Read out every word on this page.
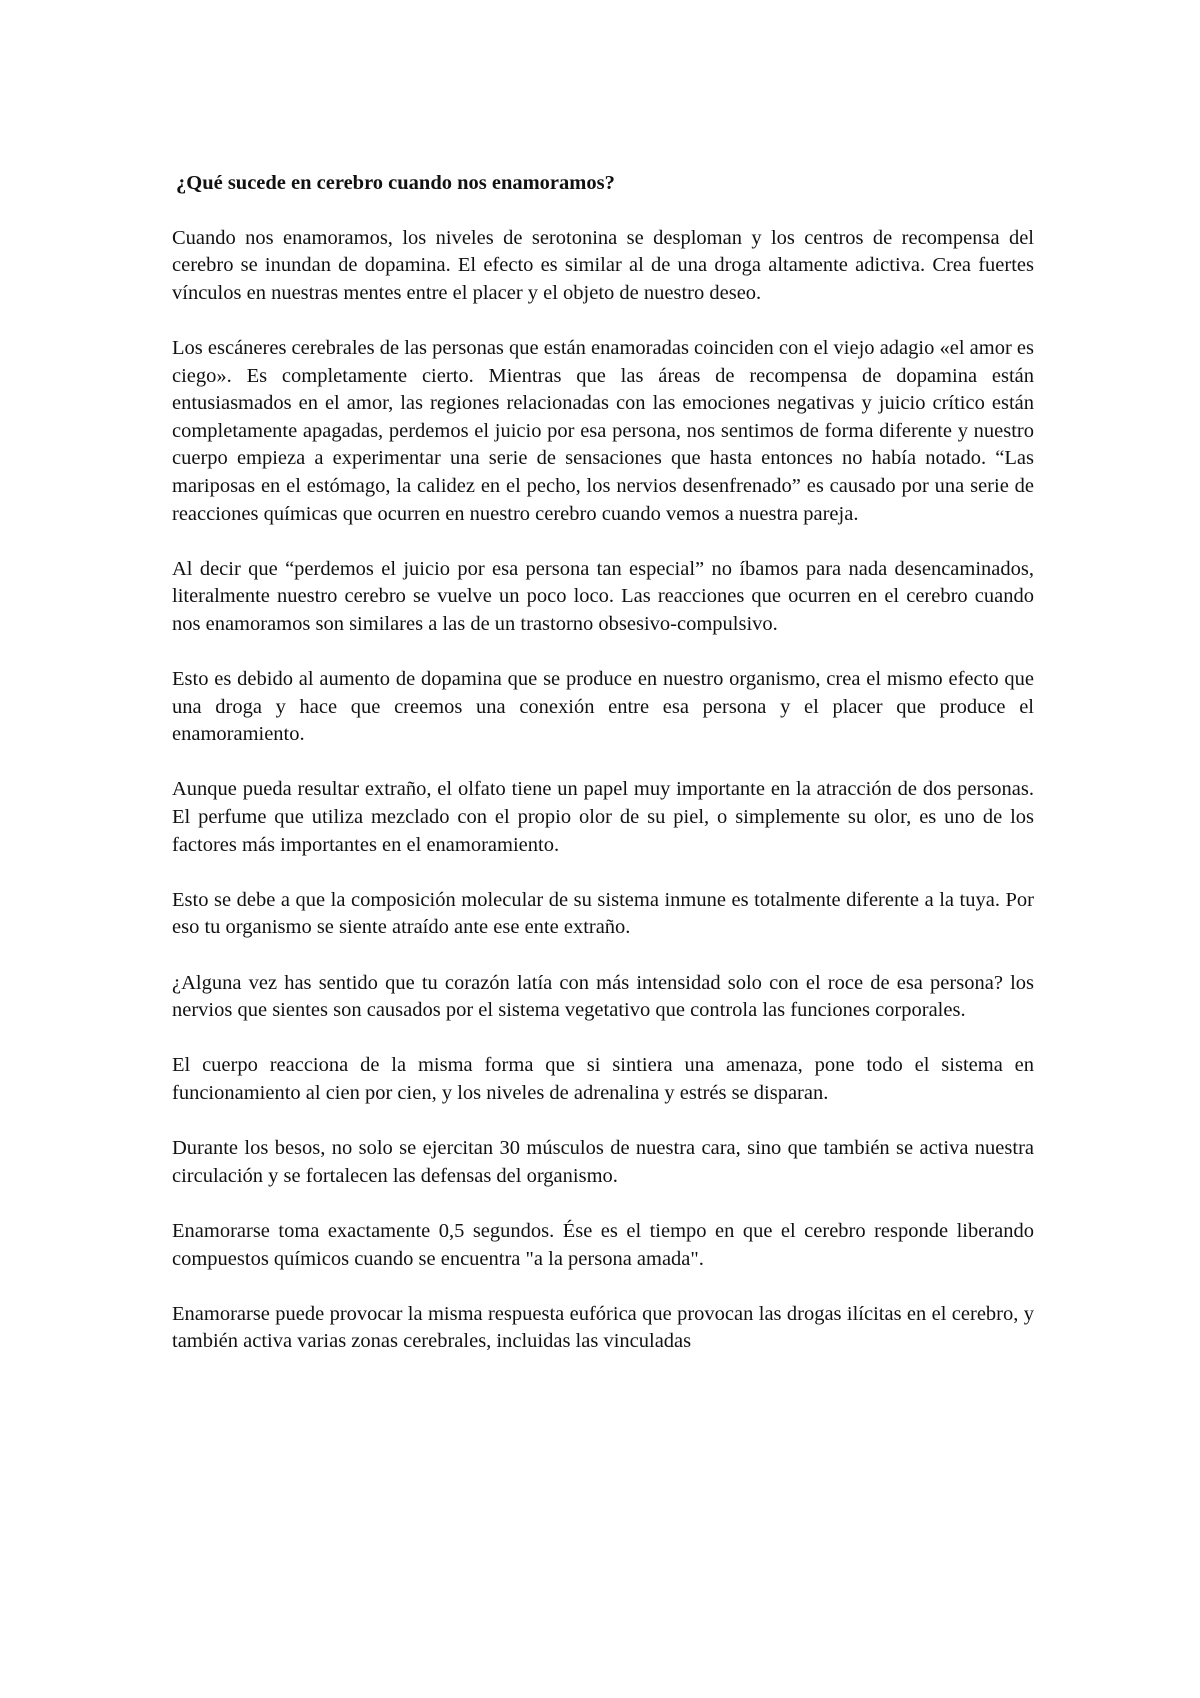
¿Qué sucede en cerebro cuando nos enamoramos?

Cuando nos enamoramos, los niveles de serotonina se desploman y los centros de recompensa del cerebro se inundan de dopamina. El efecto es similar al de una droga altamente adictiva. Crea fuertes vínculos en nuestras mentes entre el placer y el objeto de nuestro deseo.

Los escáneres cerebrales de las personas que están enamoradas coinciden con el viejo adagio «el amor es ciego». Es completamente cierto. Mientras que las áreas de recompensa de dopamina están entusiasmados en el amor, las regiones relacionadas con las emociones negativas y juicio crítico están completamente apagadas, perdemos el juicio por esa persona, nos sentimos de forma diferente y nuestro cuerpo empieza a experimentar una serie de sensaciones que hasta entonces no había notado. “Las mariposas en el estómago, la calidez en el pecho, los nervios desenfrenado” es causado por una serie de reacciones químicas que ocurren en nuestro cerebro cuando vemos a nuestra pareja.

Al decir que “perdemos el juicio por esa persona tan especial” no íbamos para nada desencaminados, literalmente nuestro cerebro se vuelve un poco loco. Las reacciones que ocurren en el cerebro cuando nos enamoramos son similares a las de un trastorno obsesivo-compulsivo.

Esto es debido al aumento de dopamina que se produce en nuestro organismo, crea el mismo efecto que una droga y hace que creemos una conexión entre esa persona y el placer que produce el enamoramiento.

Aunque pueda resultar extraño, el olfato tiene un papel muy importante en la atracción de dos personas. El perfume que utiliza mezclado con el propio olor de su piel, o simplemente su olor, es uno de los factores más importantes en el enamoramiento.

Esto se debe a que la composición molecular de su sistema inmune es totalmente diferente a la tuya. Por eso tu organismo se siente atraído ante ese ente extraño.

¿Alguna vez has sentido que tu corazón latía con más intensidad solo con el roce de esa persona? los nervios que sientes son causados por el sistema vegetativo que controla las funciones corporales.

El cuerpo reacciona de la misma forma que si sintiera una amenaza, pone todo el sistema en funcionamiento al cien por cien, y los niveles de adrenalina y estrés se disparan.

Durante los besos, no solo se ejercitan 30 músculos de nuestra cara, sino que también se activa nuestra circulación y se fortalecen las defensas del organismo.

Enamorarse toma exactamente 0,5 segundos. Ése es el tiempo en que el cerebro responde liberando compuestos químicos cuando se encuentra "a la persona amada".

Enamorarse puede provocar la misma respuesta eufórica que provocan las drogas ilícitas en el cerebro, y también activa varias zonas cerebrales, incluidas las vinculadas
